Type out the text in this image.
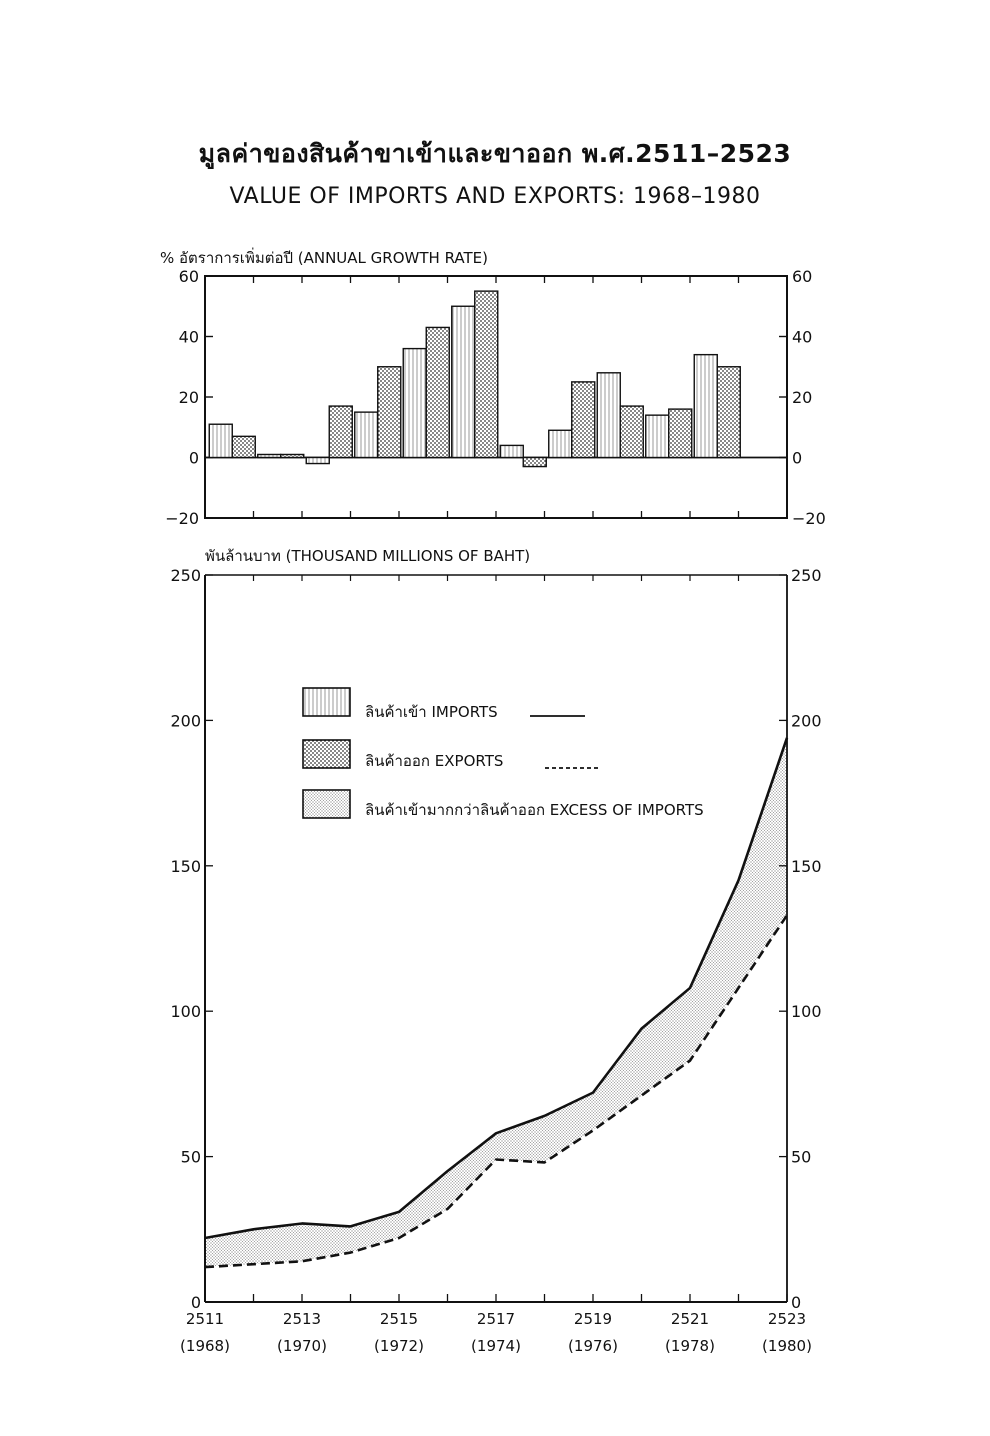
มูลค่าของสินค้าขาเข้าและขาออก พ.ศ.2511–2523
VALUE OF IMPORTS AND EXPORTS: 1968–1980
% อัตราการเพิ่มต่อปี (ANNUAL GROWTH RATE)
−20	−20
0	0
20	20
40	40
60	60
พันล้านบาท (THOUSAND MILLIONS OF BAHT)
0	0
50	50
100	100
150	150
200	200
250	250
2511
(1968)
2513
(1970)
2515
(1972)
2517
(1974)
2519
(1976)
2521
(1978)
2523
(1980)
ลินค้าเข้า IMPORTS
ลินค้าออก EXPORTS
ลินค้าเข้ามากกว่าลินค้าออก EXCESS OF IMPORTS
